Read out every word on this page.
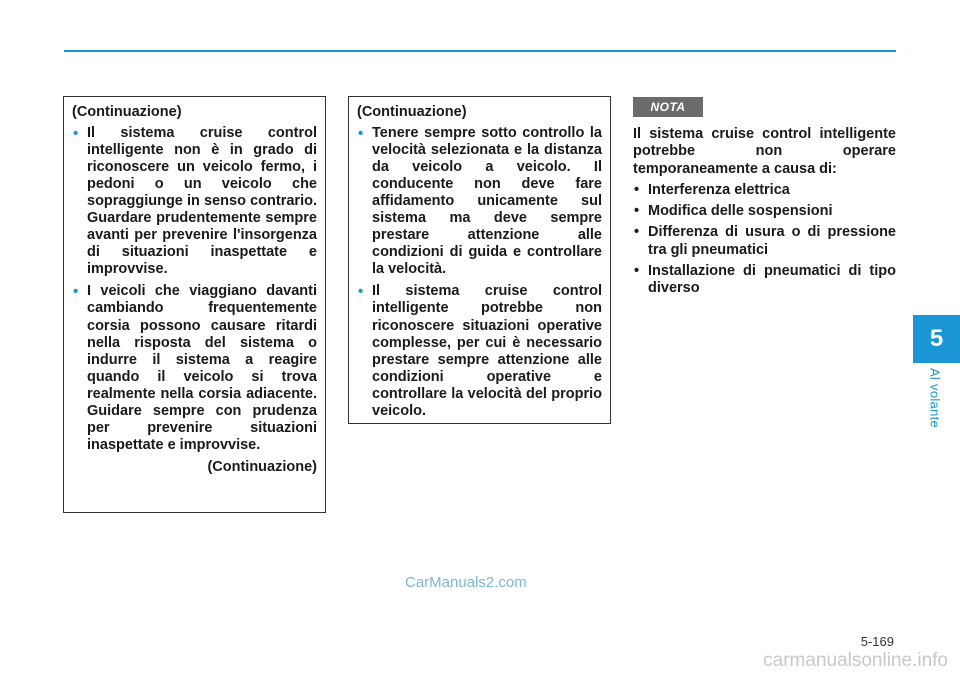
(Continuazione)
• Il sistema cruise control intelligente non è in grado di riconoscere un veicolo fermo, i pedoni o un veicolo che sopraggiunge in senso contrario. Guardare prudentemente sempre avanti per prevenire l'insorgenza di situazioni inaspettate e improvvise.
• I veicoli che viaggiano davanti cambiando frequentemente corsia possono causare ritardi nella risposta del sistema o indurre il sistema a reagire quando il veicolo si trova realmente nella corsia adiacente. Guidare sempre con prudenza per prevenire situazioni inaspettate e improvvise.
(Continuazione)
(Continuazione)
• Tenere sempre sotto controllo la velocità selezionata e la distanza da veicolo a veicolo. Il conducente non deve fare affidamento unicamente sul sistema ma deve sempre prestare attenzione alle condizioni di guida e controllare la velocità.
• Il sistema cruise control intelligente potrebbe non riconoscere situazioni operative complesse, per cui è necessario prestare sempre attenzione alle condizioni operative e controllare la velocità del proprio veicolo.
NOTA

Il sistema cruise control intelligente potrebbe non operare temporaneamente a causa di:

• Interferenza elettrica
• Modifica delle sospensioni
• Differenza di usura o di pressione tra gli pneumatici
• Installazione di pneumatici di tipo diverso
5
Al volante
CarManuals2.com
5-169
carmanualsonline.info
